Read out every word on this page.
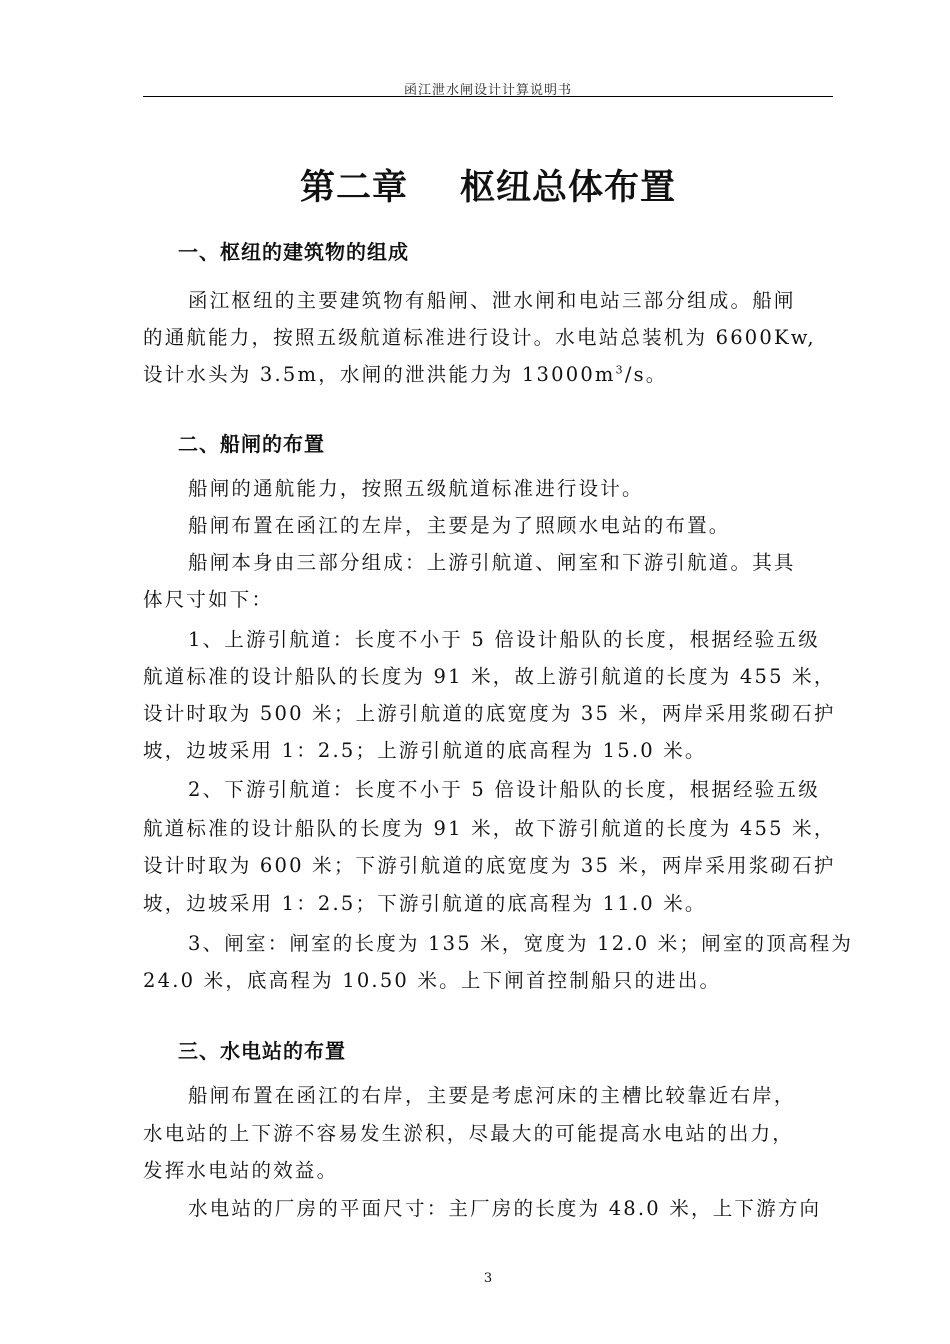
函江泄水闸设计计算说明书
第二章 枢纽总体布置
一、枢纽的建筑物的组成
函江枢纽的主要建筑物有船闸、泄水闸和电站三部分组成。船闸
的通航能力，按照五级航道标准进行设计。水电站总装机为 6600Kw,
设计水头为 3.5m，水闸的泄洪能力为 $13000m^3/s$。
二、船闸的布置
船闸的通航能力，按照五级航道标准进行设计。
船闸布置在函江的左岸，主要是为了照顾水电站的布置。
船闸本身由三部分组成：上游引航道、闸室和下游引航道。其具
体尺寸如下：
1、上游引航道：长度不小于 5 倍设计船队的长度，根据经验五级
航道标准的设计船队的长度为 91 米，故上游引航道的长度为 455 米，
设计时取为 500 米；上游引航道的底宽度为 35 米，两岸采用浆砌石护
坡，边坡采用 1：2.5；上游引航道的底高程为 15.0 米。
2、下游引航道：长度不小于 5 倍设计船队的长度，根据经验五级
航道标准的设计船队的长度为 91 米，故下游引航道的长度为 455 米，
设计时取为 600 米；下游引航道的底宽度为 35 米，两岸采用浆砌石护
坡，边坡采用 1：2.5；下游引航道的底高程为 11.0 米。
3、闸室：闸室的长度为 135 米，宽度为 12.0 米；闸室的顶高程为
24.0 米，底高程为 10.50 米。上下闸首控制船只的进出。
三、水电站的布置
船闸布置在函江的右岸，主要是考虑河床的主槽比较靠近右岸，
水电站的上下游不容易发生淤积，尽最大的可能提高水电站的出力，
发挥水电站的效益。
水电站的厂房的平面尺寸：主厂房的长度为 48.0 米，上下游方向
3
